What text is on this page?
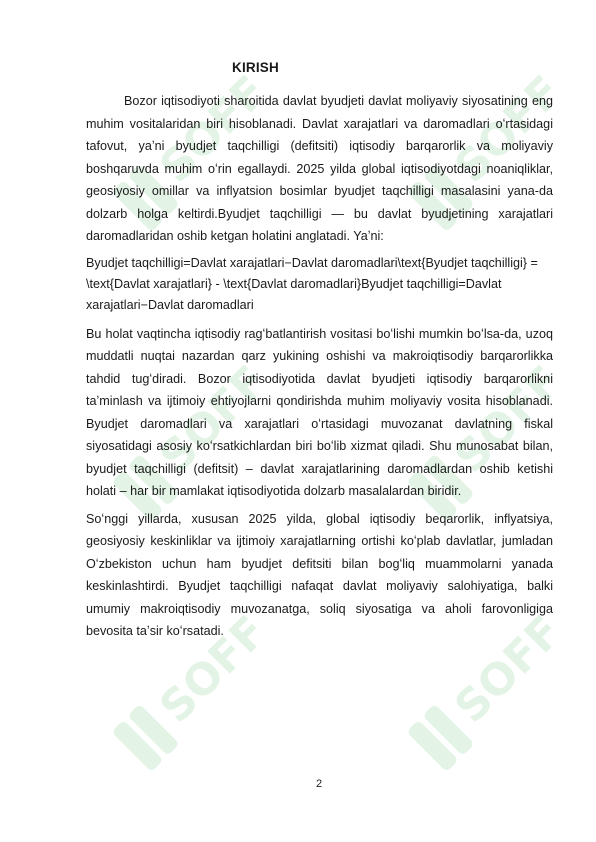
SOFF	SOFF
SOFF	SOFF
SOFF	SOFF
KIRISH

Bozor iqtisodiyoti sharoitida davlat byudjeti davlat moliyaviy siyosatining eng muhim vositalaridan biri hisoblanadi. Davlat xarajatlari va daromadlari oʻrtasidagi tafovut, yaʼni byudjet taqchilligi (defitsiti) iqtisodiy barqarorlik va moliyaviy boshqaruvda muhim oʻrin egallaydi. 2025 yilda global iqtisodiyotdagi noaniqliklar, geosiyosiy omillar va inflyatsion bosimlar byudjet taqchilligi masalasini yana-da dolzarb holga keltirdi.Byudjet taqchilligi — bu davlat byudjetining xarajatlari daromadlaridan oshib ketgan holatini anglatadi. Yaʼni:

Byudjet taqchilligi=Davlat xarajatlari−Davlat daromadlari\text{Byudjet taqchilligi} = \text{Davlat xarajatlari} - \text{Davlat daromadlari}Byudjet taqchilligi=Davlat xarajatlari−Davlat daromadlari

Bu holat vaqtincha iqtisodiy ragʻbatlantirish vositasi boʻlishi mumkin boʻlsa-da, uzoq muddatli nuqtai nazardan qarz yukining oshishi va makroiqtisodiy barqarorlikka tahdid tugʻdiradi. Bozor iqtisodiyotida davlat byudjeti iqtisodiy barqarorlikni taʼminlash va ijtimoiy ehtiyojlarni qondirishda muhim moliyaviy vosita hisoblanadi. Byudjet daromadlari va xarajatlari oʻrtasidagi muvozanat davlatning fiskal siyosatidagi asosiy koʻrsatkichlardan biri boʻlib xizmat qiladi. Shu munosabat bilan, byudjet taqchilligi (defitsit) – davlat xarajatlarining daromadlardan oshib ketishi holati – har bir mamlakat iqtisodiyotida dolzarb masalalardan biridir.

Soʻnggi yillarda, xususan 2025 yilda, global iqtisodiy beqarorlik, inflyatsiya, geosiyosiy keskinliklar va ijtimoiy xarajatlarning ortishi koʻplab davlatlar, jumladan Oʻzbekiston uchun ham byudjet defitsiti bilan bogʻliq muammolarni yanada keskinlashtirdi. Byudjet taqchilligi nafaqat davlat moliyaviy salohiyatiga, balki umumiy makroiqtisodiy muvozanatga, soliq siyosatiga va aholi farovonligiga bevosita taʼsir koʻrsatadi.

2
